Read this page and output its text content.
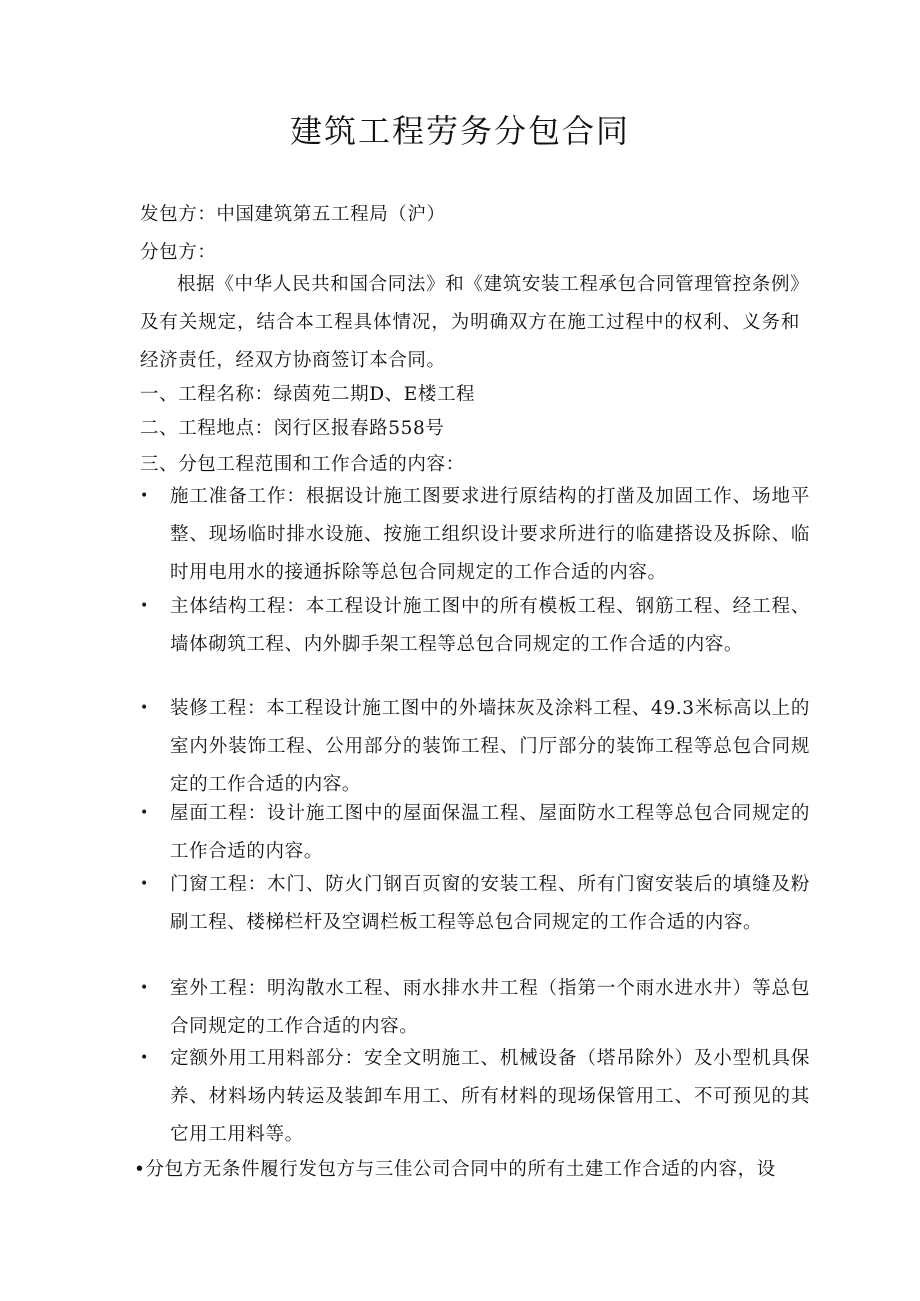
建筑工程劳务分包合同
发包方：中国建筑第五工程局（沪）
分包方：
根据《中华人民共和国合同法》和《建筑安装工程承包合同管理管控条例》及有关规定，结合本工程具体情况，为明确双方在施工过程中的权利、义务和经济责任，经双方协商签订本合同。
一、工程名称：绿茵苑二期D、E楼工程
二、工程地点：闵行区报春路558号
三、分包工程范围和工作合适的内容：
• 施工准备工作：根据设计施工图要求进行原结构的打凿及加固工作、场地平整、现场临时排水设施、按施工组织设计要求所进行的临建搭设及拆除、临时用电用水的接通拆除等总包合同规定的工作合适的内容。
• 主体结构工程：本工程设计施工图中的所有模板工程、钢筋工程、经工程、墙体砌筑工程、内外脚手架工程等总包合同规定的工作合适的内容。
• 装修工程：本工程设计施工图中的外墙抹灰及涂料工程、49.3米标高以上的室内外装饰工程、公用部分的装饰工程、门厅部分的装饰工程等总包合同规定的工作合适的内容。
• 屋面工程：设计施工图中的屋面保温工程、屋面防水工程等总包合同规定的工作合适的内容。
• 门窗工程：木门、防火门钢百页窗的安装工程、所有门窗安装后的填缝及粉刷工程、楼梯栏杆及空调栏板工程等总包合同规定的工作合适的内容。
• 室外工程：明沟散水工程、雨水排水井工程（指第一个雨水进水井）等总包合同规定的工作合适的内容。
• 定额外用工用料部分：安全文明施工、机械设备（塔吊除外）及小型机具保养、材料场内转运及装卸车用工、所有材料的现场保管用工、不可预见的其它用工用料等。
•分包方无条件履行发包方与三佳公司合同中的所有土建工作合适的内容，设
